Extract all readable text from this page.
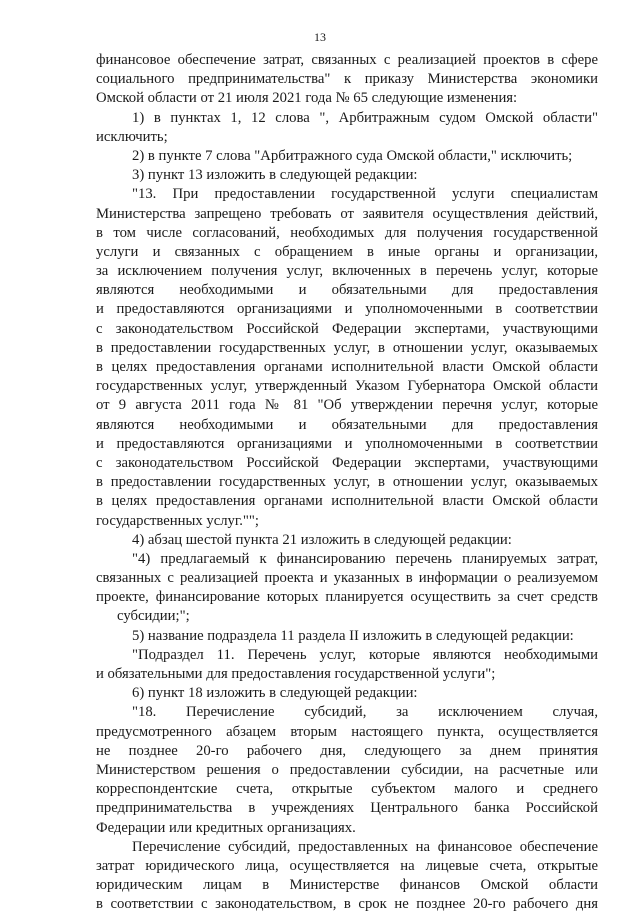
13
финансовое обеспечение затрат, связанных с реализацией проектов в сфере
социального предпринимательства" к приказу Министерства экономики
Омской области от 21 июля 2021 года № 65 следующие изменения:
1) в пунктах 1, 12 слова ", Арбитражным судом Омской области"
исключить;
2) в пункте 7 слова "Арбитражного суда Омской области," исключить;
3) пункт 13 изложить в следующей редакции:
"13. При предоставлении государственной услуги специалистам
Министерства запрещено требовать от заявителя осуществления действий,
в том числе согласований, необходимых для получения государственной
услуги и связанных с обращением в иные органы и организации,
за исключением получения услуг, включенных в перечень услуг, которые
являются необходимыми и обязательными для предоставления
и предоставляются организациями и уполномоченными в соответствии
с законодательством Российской Федерации экспертами, участвующими
в предоставлении государственных услуг, в отношении услуг, оказываемых
в целях предоставления органами исполнительной власти Омской области
государственных услуг, утвержденный Указом Губернатора Омской области
от 9 августа 2011 года № 81 "Об утверждении перечня услуг, которые
являются необходимыми и обязательными для предоставления
и предоставляются организациями и уполномоченными в соответствии
с законодательством Российской Федерации экспертами, участвующими
в предоставлении государственных услуг, в отношении услуг, оказываемых
в целях предоставления органами исполнительной власти Омской области
государственных услуг."";
4) абзац шестой пункта 21 изложить в следующей редакции:
"4) предлагаемый к финансированию перечень планируемых затрат,
связанных с реализацией проекта и указанных в информации о реализуемом
проекте, финансирование которых планируется осуществить за счет средств
субсидии;";
5) название подраздела 11 раздела II изложить в следующей редакции:
"Подраздел 11. Перечень услуг, которые являются необходимыми
и обязательными для предоставления государственной услуги";
6) пункт 18 изложить в следующей редакции:
"18. Перечисление субсидий, за исключением случая,
предусмотренного абзацем вторым настоящего пункта, осуществляется
не позднее 20-го рабочего дня, следующего за днем принятия
Министерством решения о предоставлении субсидии, на расчетные или
корреспондентские счета, открытые субъектом малого и среднего
предпринимательства в учреждениях Центрального банка Российской
Федерации или кредитных организациях.
Перечисление субсидий, предоставленных на финансовое обеспечение
затрат юридического лица, осуществляется на лицевые счета, открытые
юридическим лицам в Министерстве финансов Омской области
в соответствии с законодательством, в срок не позднее 20-го рабочего дня
